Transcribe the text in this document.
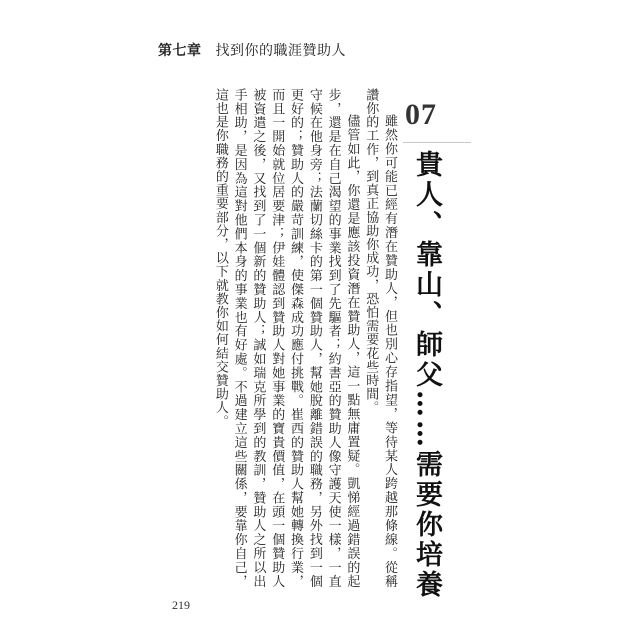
第七章 找到你的職涯贊助人
07
貴人、靠山、師父……需要你培養

雖然你可能已經有潛在贊助人，但也別心存指望，等待某人跨越那條線。從稱讚你的工作，到真正協助你成功，恐怕需要花些時間。

儘管如此，你還是應該投資潛在贊助人，這一點無庸置疑。凱悌經過錯誤的起步，還是在自己渴望的事業找到了先驅者；約書亞的贊助人像守護天使一樣，一直守候在他身旁；法蘭切絲卡的第一個贊助人，幫她脫離錯誤的職務，另外找到一個更好的；贊助人的嚴苛訓練，使傑森成功應付挑戰。崔西的贊助人幫她轉換行業，而且一開始就位居要津；伊娃體認到贊助人對她事業的寶貴價值，在頭一個贊助人被資遣之後，又找到了一個新的贊助人；誠如瑞克所學到的教訓，贊助人之所以出手相助，是因為這對他們本身的事業也有好處。不過建立這些關係，要靠你自己，這也是你職務的重要部分，以下就教你如何結交贊助人。

219
